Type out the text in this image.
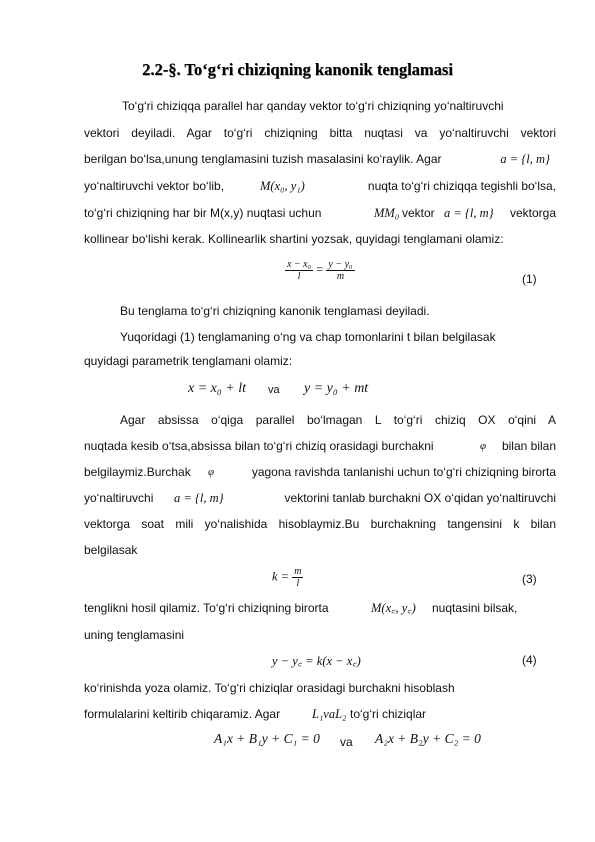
2.2-§. To‘g‘ri chiziqning kanonik tenglamasi
To‘g‘ri chiziqqa parallel har qanday vektor to‘g‘ri chiziqning yo‘naltiruvchi
vektori deyiladi. Agar to‘g‘ri chiziqning bitta nuqtasi va yo‘naltiruvchi vektori
berilgan bo‘lsa,unung tenglamasini tuzish masalasini ko‘raylik. Agar	a = {l, m}
yo‘naltiruvchi vektor bo‘lib,	M(x₀, y₁)	nuqta to‘g‘ri chiziqqa tegishli bo‘lsa,
to‘g‘ri chiziqning har bir M(x,y) nuqtasi uchun	MM₀ vektor a = {l, m} vektorga
kollinear bo‘lishi kerak. Kollinearlik shartini yozsak, quyidagi tenglamani olamiz:
$\frac{\text{x − x₀}}{l} = \frac{\text{y − y₀}}{m}$	(1)
Bu tenglama to‘g‘ri chiziqning kanonik tenglamasi deyiladi.
Yuqoridagi (1) tenglamaning o‘ng va chap tomonlarini t bilan belgilasak
quyidagi parametrik tenglamani olamiz:
x = x₀ + lt va y = y₀ + mt
Agar abs‌issa o‘qiga parallel bo‘lmagan L to‘g‘ri chiziq OX o‘qini A
nuqtada kesib o‘tsa,absissa bilan to‘g‘ri chiziq orasidagi burchakni	φ bilan bilan
belgilaymiz.Burchak φ	yagona ravishda tanlanishi uchun to‘g‘ri chiziqning birorta
yo‘naltiruvchi a = {l, m}	vektorini tanlab burchakni OX o‘qidan yo‘naltiruvchi
vektorga soat mili yo‘nalishida hisoblaymiz.Bu burchakning tangensini k bilan
belgilasak
$k = \frac{m}{l}$	(3)
tenglikni hosil qilamiz. To‘g‘ri chiziqning birorta	M(x꜀, y꜀) nuqtasini bilsak,
uning tenglamasini
y − y꜀ = k(x − x꜀)	(4)
ko‘rinishda yoza olamiz. To‘g‘ri chiziqlar orasidagi burchakni hisoblash
formulalarini keltirib chiqaramiz. Agar	L₁vaL₂ to‘g‘ri chiziqlar
A₁x + B₁y + C₁ = 0 va A₂x + B₂y + C₂ = 0
